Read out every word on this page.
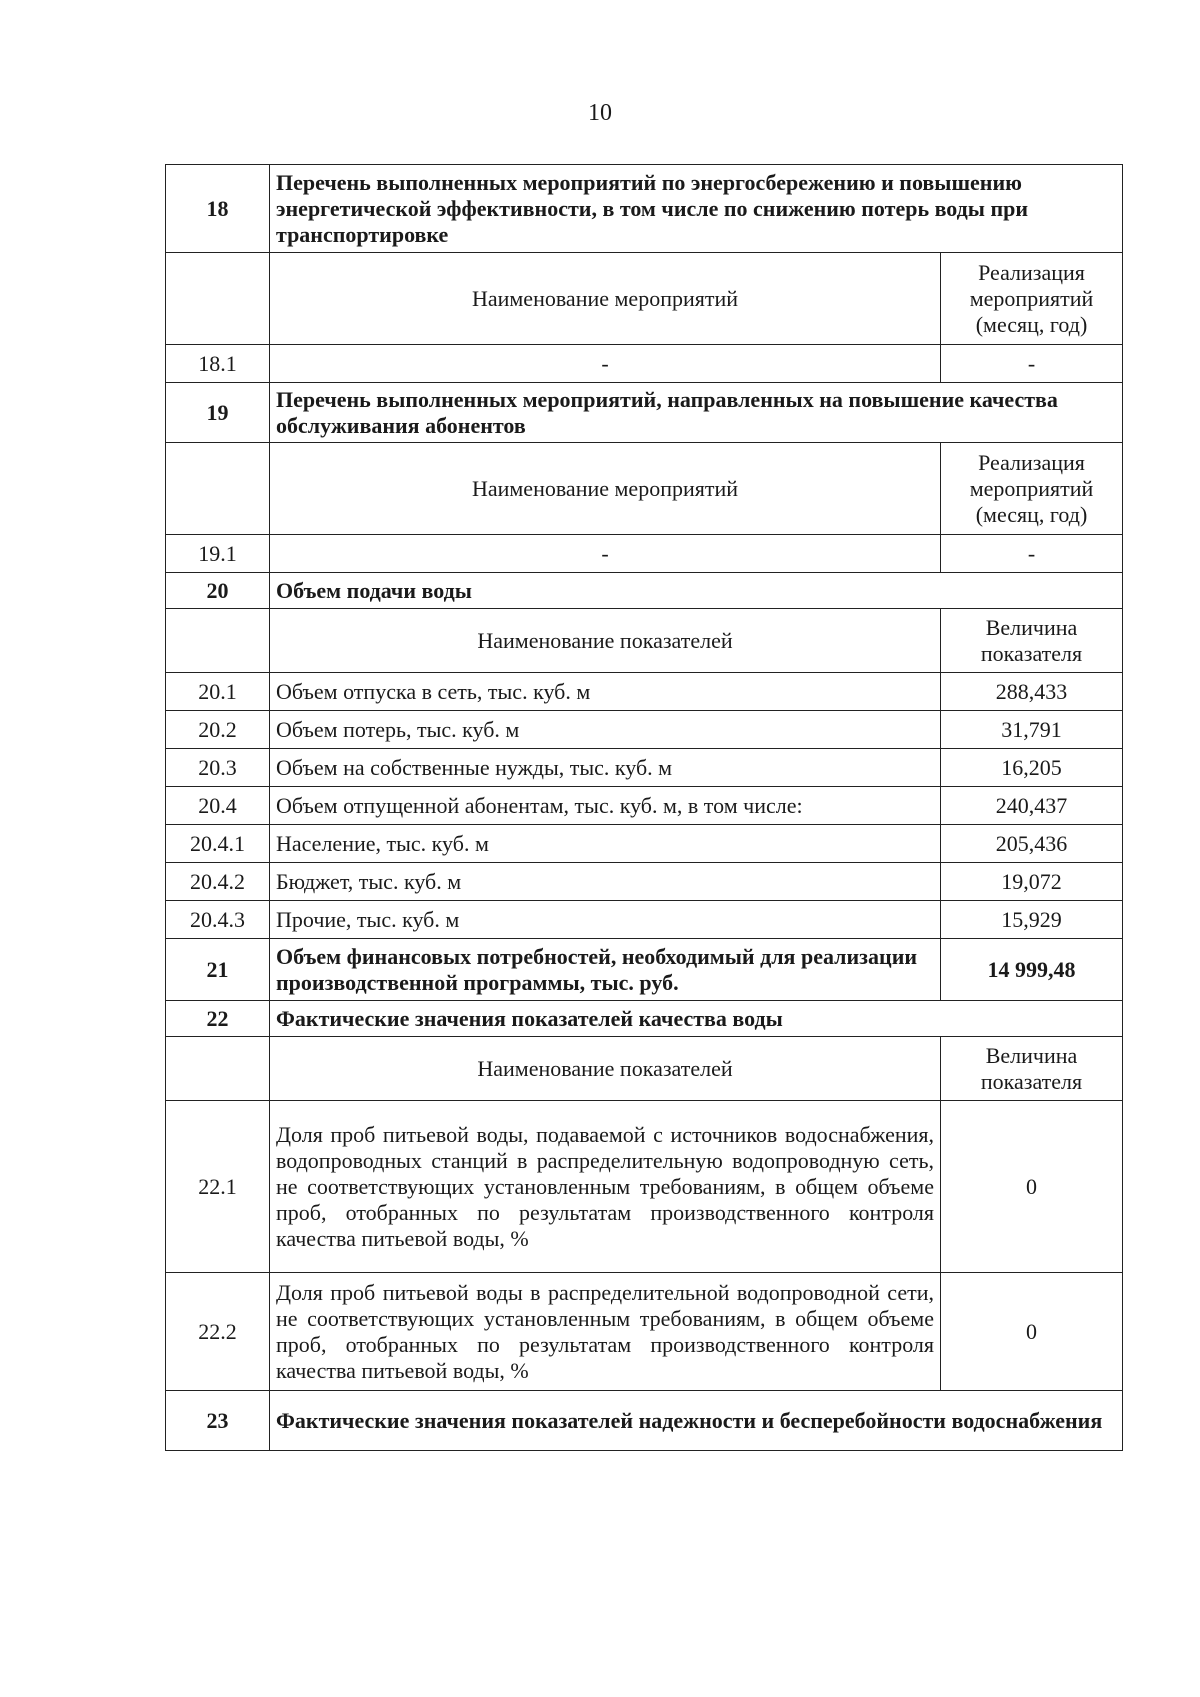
10
18	Перечень выполненных мероприятий по энергосбережению и повышению энергетической эффективности, в том числе по снижению потерь воды при транспортировке	
	Наименование мероприятий	Реализация мероприятий (месяц, год)
18.1	-	-
19	Перечень выполненных мероприятий, направленных на повышение качества обслуживания абонентов	
	Наименование мероприятий	Реализация мероприятий (месяц, год)
19.1	-	-
20	Объем подачи воды	
	Наименование показателей	Величина показателя
20.1	Объем отпуска в сеть, тыс. куб. м	288,433
20.2	Объем потерь, тыс. куб. м	31,791
20.3	Объем на собственные нужды, тыс. куб. м	16,205
20.4	Объем отпущенной абонентам, тыс. куб. м, в том числе:	240,437
20.4.1	Население, тыс. куб. м	205,436
20.4.2	Бюджет, тыс. куб. м	19,072
20.4.3	Прочие, тыс. куб. м	15,929
21	Объем финансовых потребностей, необходимый для реализации производственной программы, тыс. руб.	14 999,48
22	Фактические значения показателей качества воды	
	Наименование показателей	Величина показателя
22.1	Доля проб питьевой воды, подаваемой с источников водоснабжения, водопроводных станций в распределительную водопроводную сеть, не соответствующих установленным требованиям, в общем объеме проб, отобранных по результатам производственного контроля качества питьевой воды, %	0
22.2	Доля проб питьевой воды в распределительной водопроводной сети, не соответствующих установленным требованиям, в общем объеме проб, отобранных по результатам производственного контроля качества питьевой воды, %	0
23	Фактические значения показателей надежности и бесперебойности водоснабжения	
